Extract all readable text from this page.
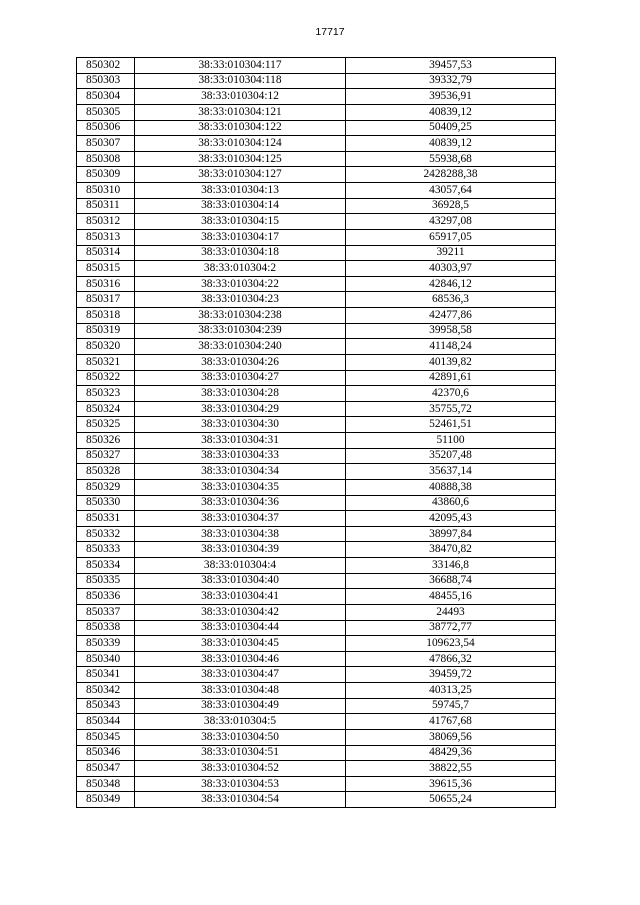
17717
850302	38:33:010304:117	39457,53
850303	38:33:010304:118	39332,79
850304	38:33:010304:12	39536,91
850305	38:33:010304:121	40839,12
850306	38:33:010304:122	50409,25
850307	38:33:010304:124	40839,12
850308	38:33:010304:125	55938,68
850309	38:33:010304:127	2428288,38
850310	38:33:010304:13	43057,64
850311	38:33:010304:14	36928,5
850312	38:33:010304:15	43297,08
850313	38:33:010304:17	65917,05
850314	38:33:010304:18	39211
850315	38:33:010304:2	40303,97
850316	38:33:010304:22	42846,12
850317	38:33:010304:23	68536,3
850318	38:33:010304:238	42477,86
850319	38:33:010304:239	39958,58
850320	38:33:010304:240	41148,24
850321	38:33:010304:26	40139,82
850322	38:33:010304:27	42891,61
850323	38:33:010304:28	42370,6
850324	38:33:010304:29	35755,72
850325	38:33:010304:30	52461,51
850326	38:33:010304:31	51100
850327	38:33:010304:33	35207,48
850328	38:33:010304:34	35637,14
850329	38:33:010304:35	40888,38
850330	38:33:010304:36	43860,6
850331	38:33:010304:37	42095,43
850332	38:33:010304:38	38997,84
850333	38:33:010304:39	38470,82
850334	38:33:010304:4	33146,8
850335	38:33:010304:40	36688,74
850336	38:33:010304:41	48455,16
850337	38:33:010304:42	24493
850338	38:33:010304:44	38772,77
850339	38:33:010304:45	109623,54
850340	38:33:010304:46	47866,32
850341	38:33:010304:47	39459,72
850342	38:33:010304:48	40313,25
850343	38:33:010304:49	59745,7
850344	38:33:010304:5	41767,68
850345	38:33:010304:50	38069,56
850346	38:33:010304:51	48429,36
850347	38:33:010304:52	38822,55
850348	38:33:010304:53	39615,36
850349	38:33:010304:54	50655,24
